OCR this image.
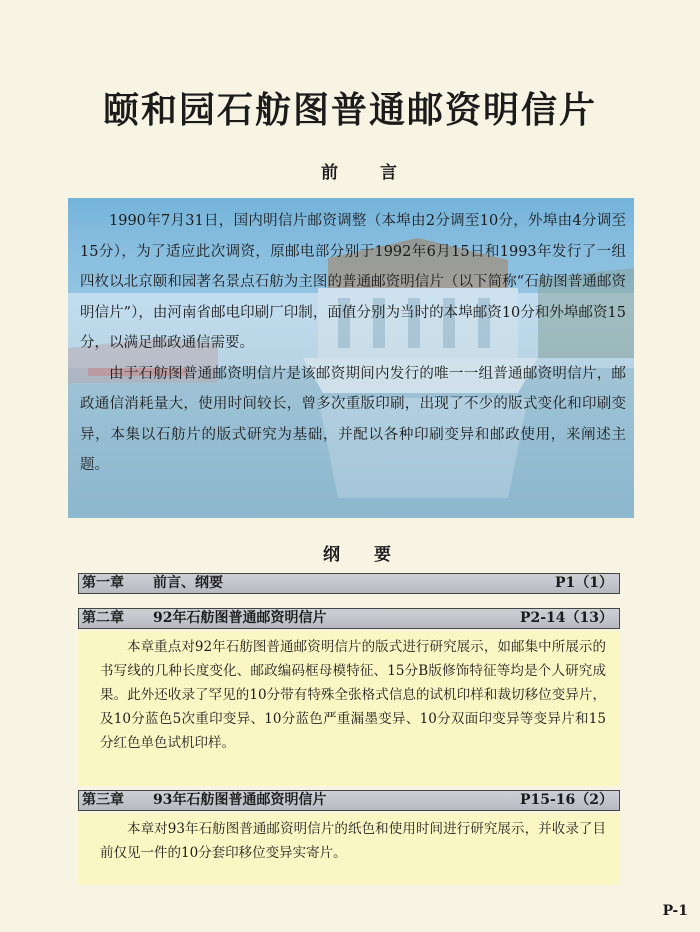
颐和园石舫图普通邮资明信片
前 言

1990年7月31日，国内明信片邮资调整（本埠由2分调至10分，外埠由4分调至15分），为了适应此次调资，原邮电部分别于1992年6月15日和1993年发行了一组四枚以北京颐和园著名景点石舫为主图的普通邮资明信片（以下简称“石舫图普通邮资明信片”），由河南省邮电印刷厂印制，面值分别为当时的本埠邮资10分和外埠邮资15分，以满足邮政通信需要。

由于石舫图普通邮资明信片是该邮资期间内发行的唯一一组普通邮资明信片，邮政通信消耗量大，使用时间较长，曾多次重版印刷，出现了不少的版式变化和印刷变异，本集以石舫片的版式研究为基础，并配以各种印刷变异和邮政使用，来阐述主题。

纲 要
第一章 前言、纲要	P1（1）
第二章 92年石舫图普通邮资明信片	P2-14（13）

本章重点对92年石舫图普通邮资明信片的版式进行研究展示，如邮集中所展示的书写线的几种长度变化、邮政编码框母模特征、15分B版修饰特征等均是个人研究成果。此外还收录了罕见的10分带有特殊全张格式信息的试机印样和裁切移位变异片，及10分蓝色5次重印变异、10分蓝色严重漏墨变异、10分双面印变异等变异片和15分红色单色试机印样。

第三章 93年石舫图普通邮资明信片	P15-16（2）

本章对93年石舫图普通邮资明信片的纸色和使用时间进行研究展示，并收录了目前仅见一件的10分套印移位变异实寄片。

P-1
